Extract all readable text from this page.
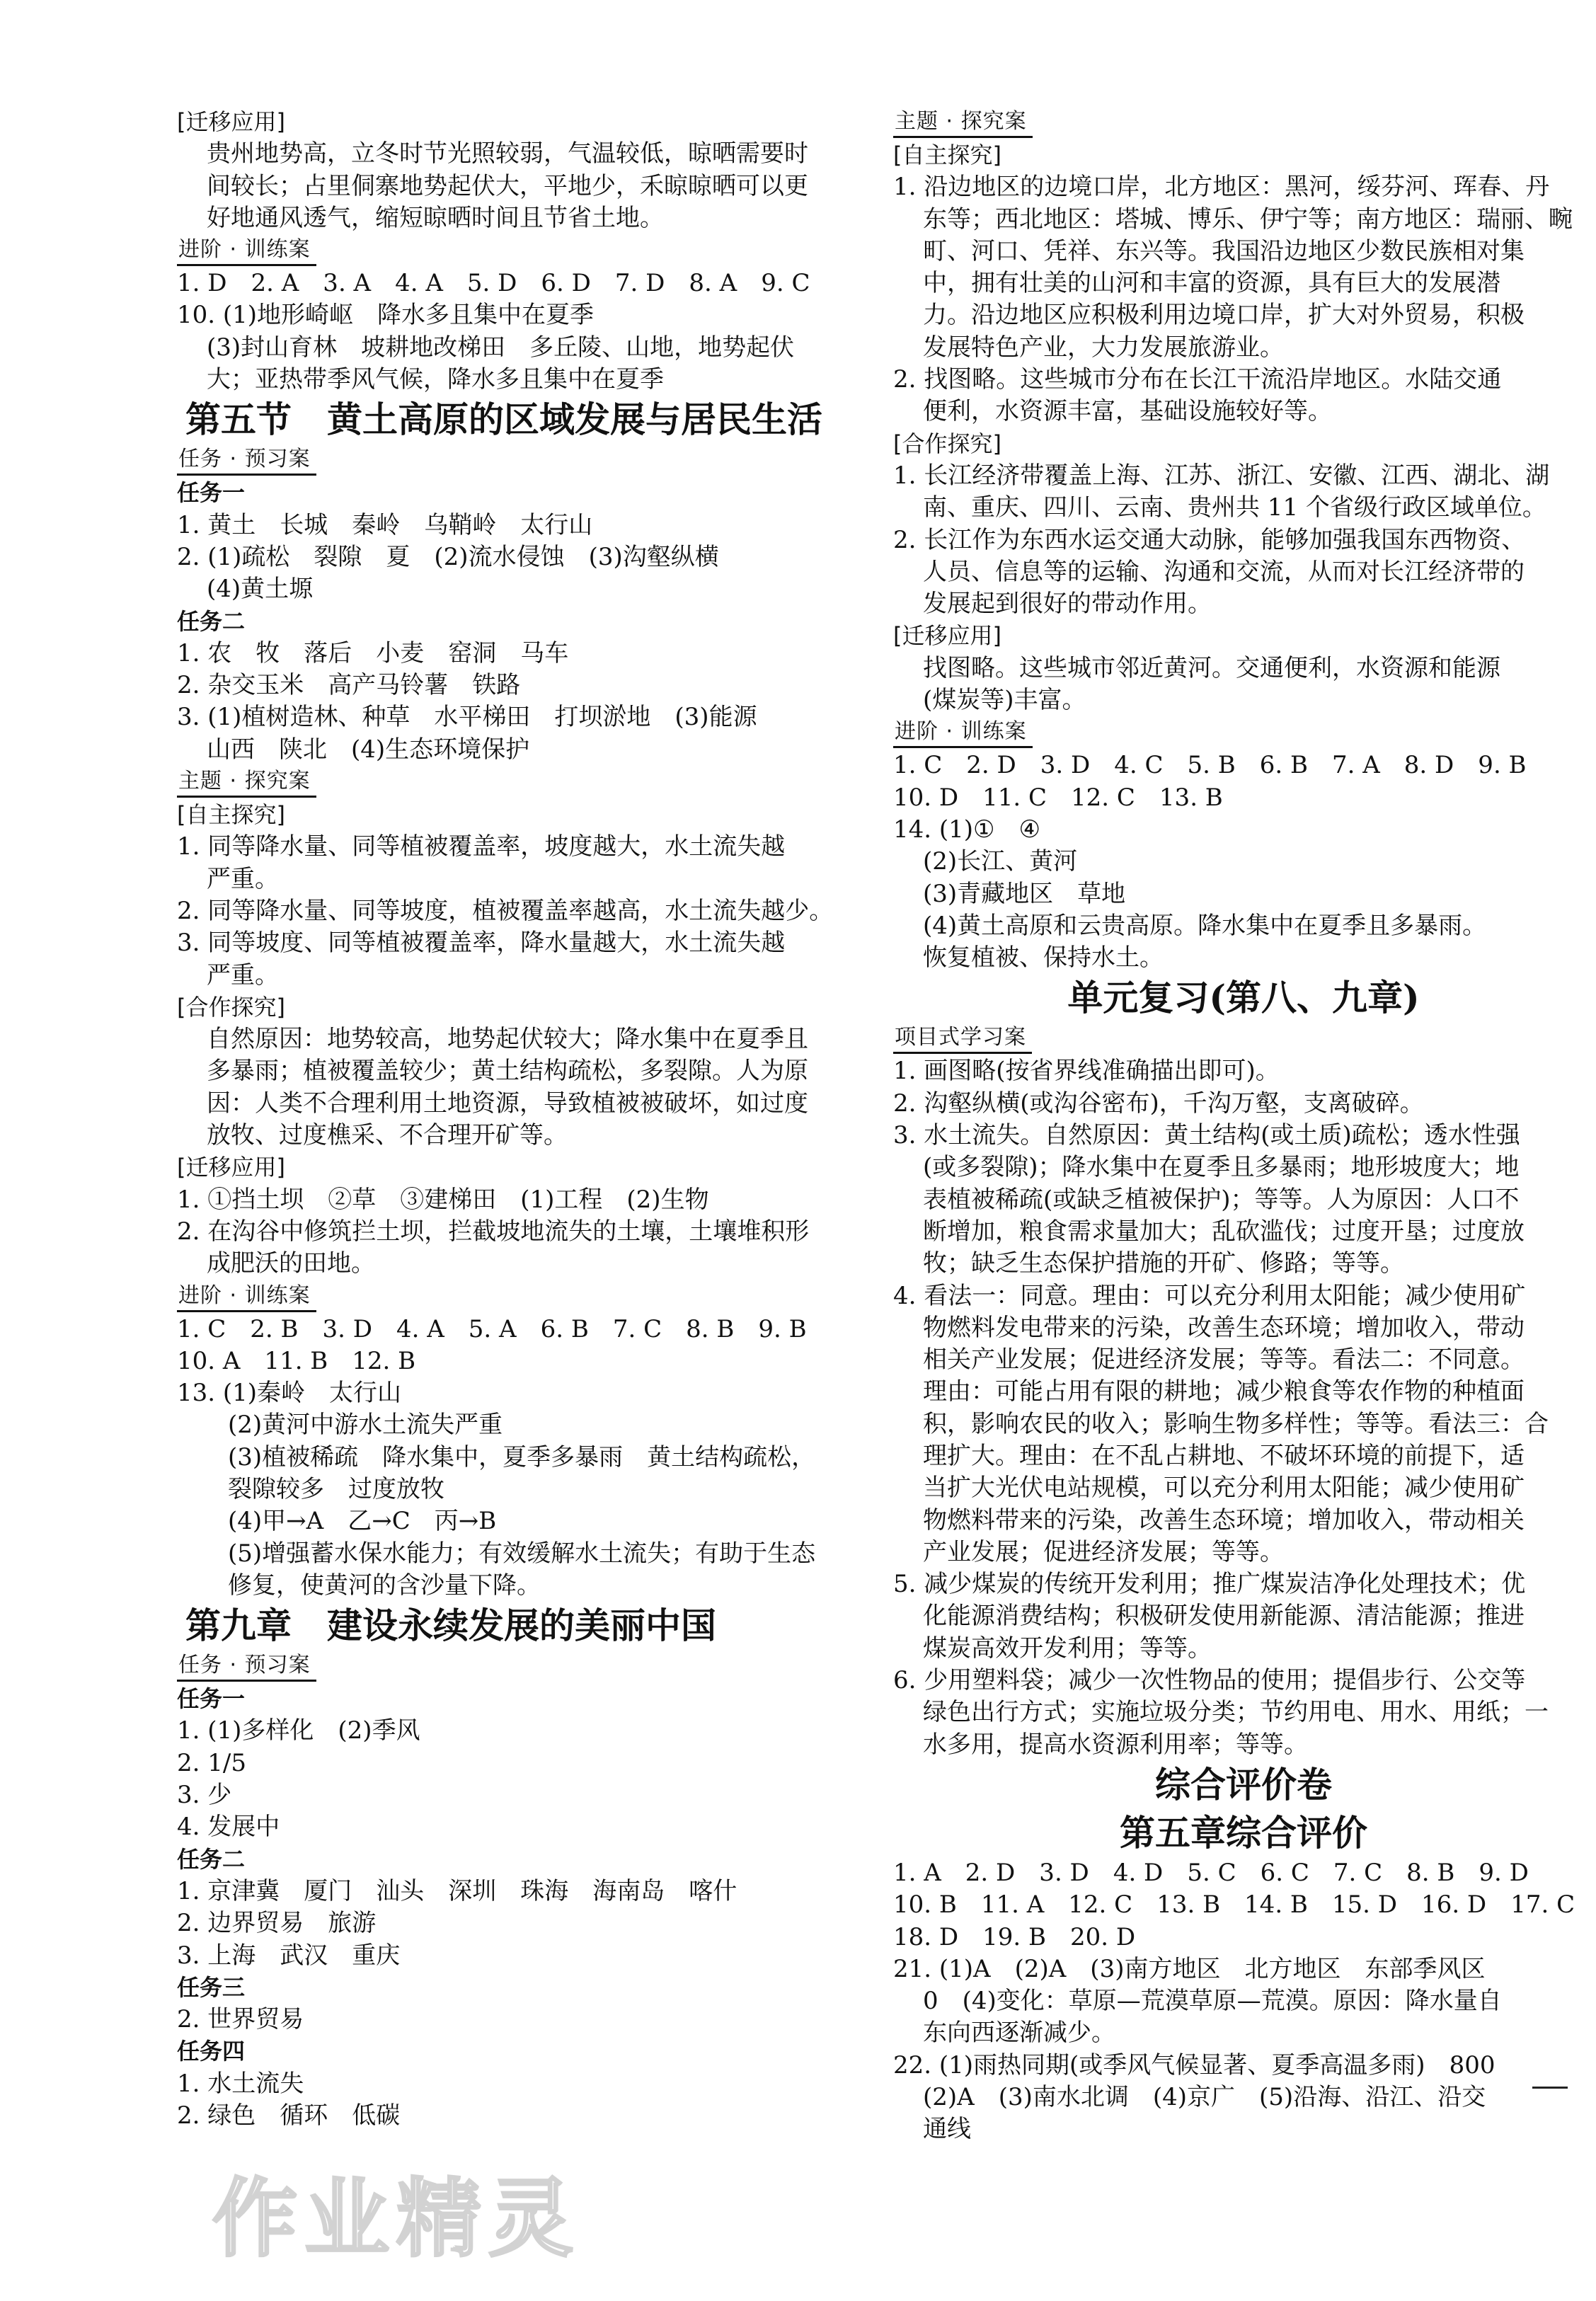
[ 迁移应用 ]
贵州地势高，立冬时节光照较弱，气温较低，晾晒需要时
间较长；占里侗寨地势起伏大，平地少，禾晾晾晒可以更
好地通风透气，缩短晾晒时间且节省土地。
进阶 · 训练案
1. D　2. A　3. A　4. A　5. D　6. D　7. D　8. A　9. C
10. (1)地形崎岖　降水多且集中在夏季
(3)封山育林　坡耕地改梯田　多丘陵、山地，地势起伏
大；亚热带季风气候，降水多且集中在夏季
第五节　黄土高原的区域发展与居民生活
任务 · 预习案
任务一
1. 黄土　长城　秦岭　乌鞘岭　太行山
2. (1)疏松　裂隙　夏　(2)流水侵蚀　(3)沟壑纵横
(4)黄土塬
任务二
1. 农　牧　落后　小麦　窑洞　马车
2. 杂交玉米　高产马铃薯　铁路
3. (1)植树造林、种草　水平梯田　打坝淤地　(3)能源
山西　陕北　(4)生态环境保护
主题 · 探究案
[ 自主探究 ]
1. 同等降水量、同等植被覆盖率，坡度越大，水土流失越
严重。
2. 同等降水量、同等坡度，植被覆盖率越高，水土流失越少。
3. 同等坡度、同等植被覆盖率，降水量越大，水土流失越
严重。
[ 合作探究 ]
自然原因：地势较高，地势起伏较大；降水集中在夏季且
多暴雨；植被覆盖较少；黄土结构疏松，多裂隙。人为原
因：人类不合理利用土地资源，导致植被被破坏，如过度
放牧、过度樵采、不合理开矿等。
[ 迁移应用 ]
1. ①挡土坝　②草　③建梯田　(1)工程　(2)生物
2. 在沟谷中修筑拦土坝，拦截坡地流失的土壤，土壤堆积形
成肥沃的田地。
进阶 · 训练案
1. C　2. B　3. D　4. A　5. A　6. B　7. C　8. B　9. B
10. A　11. B　12. B
13. (1)秦岭　太行山
(2)黄河中游水土流失严重
(3)植被稀疏　降水集中，夏季多暴雨　黄土结构疏松，
裂隙较多　过度放牧
(4)甲→A　乙→C　丙→B
(5)增强蓄水保水能力；有效缓解水土流失；有助于生态
修复，使黄河的含沙量下降。
第九章　建设永续发展的美丽中国
任务 · 预习案
任务一
1. (1)多样化　(2)季风
2. 1/5
3. 少
4. 发展中
任务二
1. 京津冀　厦门　汕头　深圳　珠海　海南岛　喀什
2. 边界贸易　旅游
3. 上海　武汉　重庆
任务三
2. 世界贸易
任务四
1. 水土流失
2. 绿色　循环　低碳
主题 · 探究案
[ 自主探究 ]
1. 沿边地区的边境口岸，北方地区：黑河，绥芬河、珲春、丹
东等；西北地区：塔城、博乐、伊宁等；南方地区：瑞丽、畹
町、河口、凭祥、东兴等。我国沿边地区少数民族相对集
中，拥有壮美的山河和丰富的资源，具有巨大的发展潜
力。沿边地区应积极利用边境口岸，扩大对外贸易，积极
发展特色产业，大力发展旅游业。
2. 找图略。这些城市分布在长江干流沿岸地区。水陆交通
便利，水资源丰富，基础设施较好等。
[ 合作探究 ]
1. 长江经济带覆盖上海、江苏、浙江、安徽、江西、湖北、湖
南、重庆、四川、云南、贵州共 11 个省级行政区域单位。
2. 长江作为东西水运交通大动脉，能够加强我国东西物资、
人员、信息等的运输、沟通和交流，从而对长江经济带的
发展起到很好的带动作用。
[ 迁移应用 ]
找图略。这些城市邻近黄河。交通便利，水资源和能源
(煤炭等)丰富。
进阶 · 训练案
1. C　2. D　3. D　4. C　5. B　6. B　7. A　8. D　9. B
10. D　11. C　12. C　13. B
14. (1)①　④
(2)长江、黄河
(3)青藏地区　草地
(4)黄土高原和云贵高原。降水集中在夏季且多暴雨。
恢复植被、保持水土。
单元复习(第八、九章)
项目式学习案
1. 画图略(按省界线准确描出即可)。
2. 沟壑纵横(或沟谷密布)，千沟万壑，支离破碎。
3. 水土流失。自然原因：黄土结构(或土质)疏松；透水性强
(或多裂隙)；降水集中在夏季且多暴雨；地形坡度大；地
表植被稀疏(或缺乏植被保护)；等等。人为原因：人口不
断增加，粮食需求量加大；乱砍滥伐；过度开垦；过度放
牧；缺乏生态保护措施的开矿、修路；等等。
4. 看法一：同意。理由：可以充分利用太阳能；减少使用矿
物燃料发电带来的污染，改善生态环境；增加收入，带动
相关产业发展；促进经济发展；等等。看法二：不同意。
理由：可能占用有限的耕地；减少粮食等农作物的种植面
积，影响农民的收入；影响生物多样性；等等。看法三：合
理扩大。理由：在不乱占耕地、不破坏环境的前提下，适
当扩大光伏电站规模，可以充分利用太阳能；减少使用矿
物燃料带来的污染，改善生态环境；增加收入，带动相关
产业发展；促进经济发展；等等。
5. 减少煤炭的传统开发利用；推广煤炭洁净化处理技术；优
化能源消费结构；积极研发使用新能源、清洁能源；推进
煤炭高效开发利用；等等。
6. 少用塑料袋；减少一次性物品的使用；提倡步行、公交等
绿色出行方式；实施垃圾分类；节约用电、用水、用纸；一
水多用，提高水资源利用率；等等。
综合评价卷
第五章综合评价
1. A　2. D　3. D　4. D　5. C　6. C　7. C　8. B　9. D
10. B　11. A　12. C　13. B　14. B　15. D　16. D　17. C
18. D　19. B　20. D
21. (1)A　(2)A　(3)南方地区　北方地区　东部季风区
0　(4)变化：草原—荒漠草原—荒漠。原因：降水量自
东向西逐渐减少。
22. (1)雨热同期(或季风气候显著、夏季高温多雨)　800
(2)A　(3)南水北调　(4)京广　(5)沿海、沿江、沿交
通线
作业精灵
